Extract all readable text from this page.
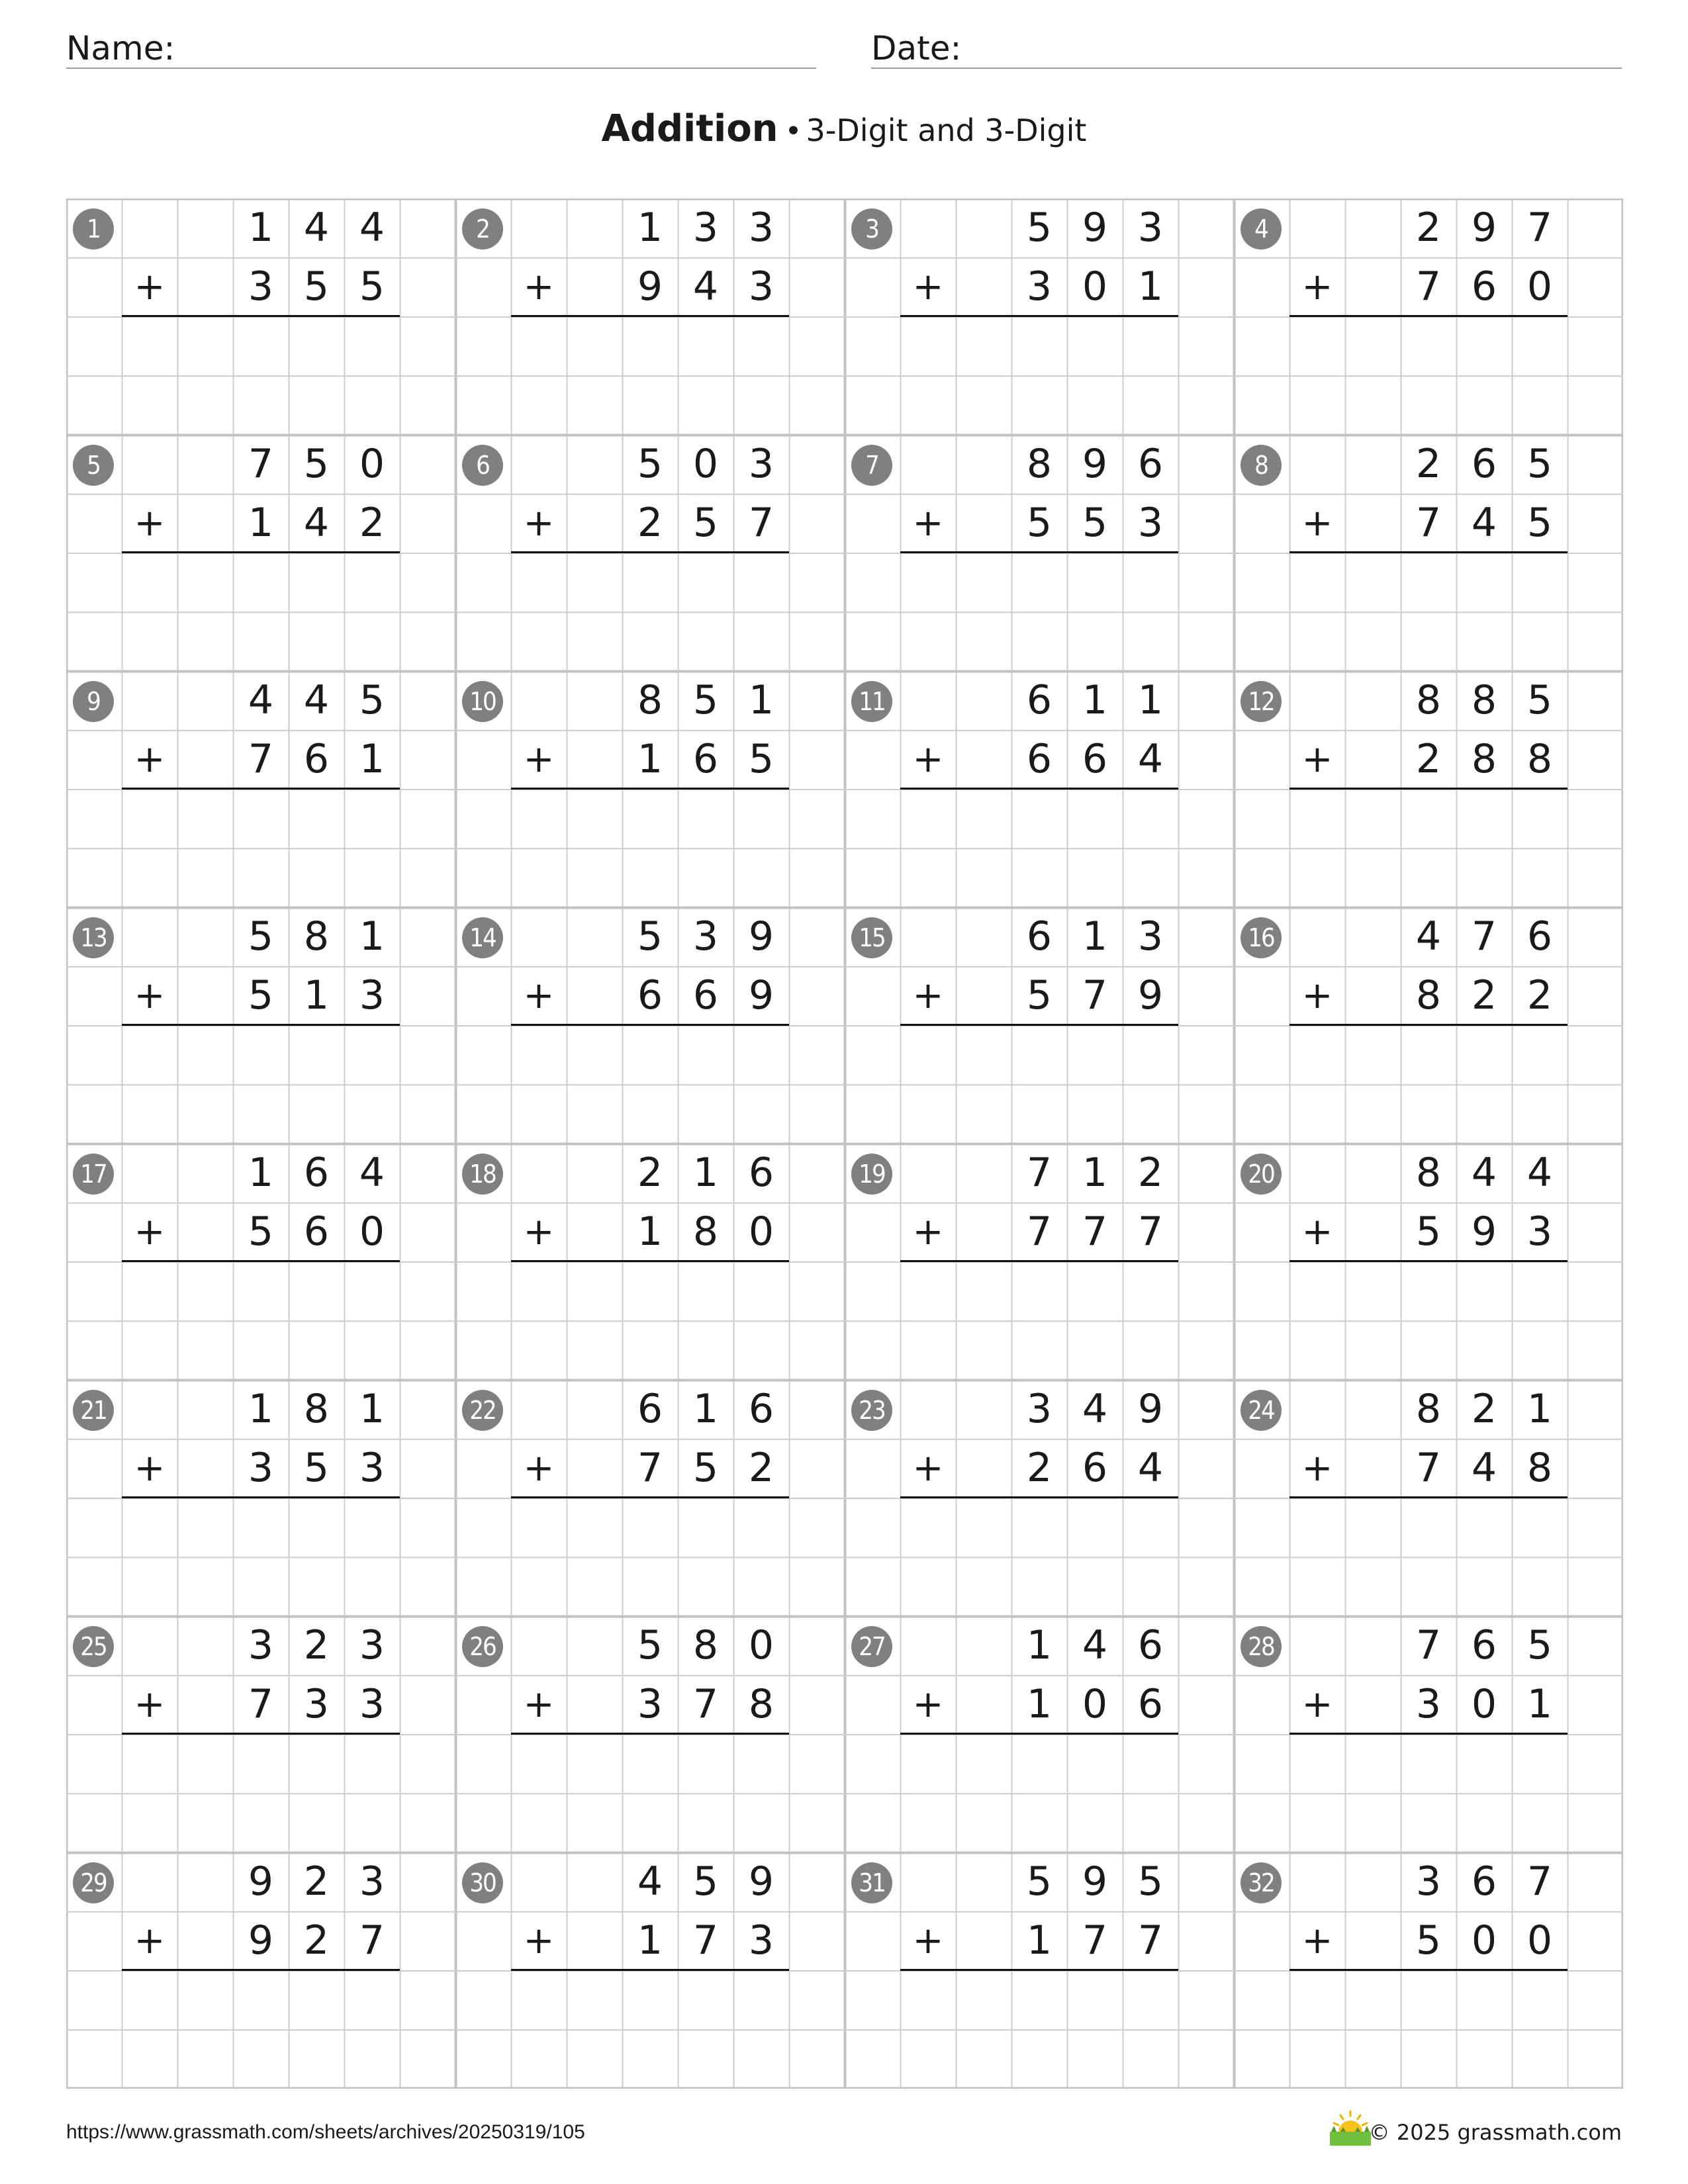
Name:	Date:
Addition • 3-Digit and 3-Digit
1	1 4 4
3 5 5
+
2	1 3 3
9 4 3
+
3	5 9 3
3 0 1
+
4	2 9 7
7 6 0
+
5	7 5 0
1 4 2
+
6	5 0 3
2 5 7
+
7	8 9 6
5 5 3
+
8	2 6 5
7 4 5
+
9	4 4 5
7 6 1
+
10	8 5 1
1 6 5
+
11	6 1 1
6 6 4
+
12	8 8 5
2 8 8
+
13	5 8 1
5 1 3
+
14	5 3 9
6 6 9
+
15	6 1 3
5 7 9
+
16	4 7 6
8 2 2
+
17	1 6 4
5 6 0
+
18	2 1 6
1 8 0
+
19	7 1 2
7 7 7
+
20	8 4 4
5 9 3
+
21	1 8 1
3 5 3
+
22	6 1 6
7 5 2
+
23	3 4 9
2 6 4
+
24	8 2 1
7 4 8
+
25	3 2 3
7 3 3
+
26	5 8 0
3 7 8
+
27	1 4 6
1 0 6
+
28	7 6 5
3 0 1
+
29	9 2 3
9 2 7
+
30	4 5 9
1 7 3
+
31	5 9 5
1 7 7
+
32	3 6 7
5 0 0
+
https://www.grassmath.com/sheets/archives/20250319/105	© 2025 grassmath.com
